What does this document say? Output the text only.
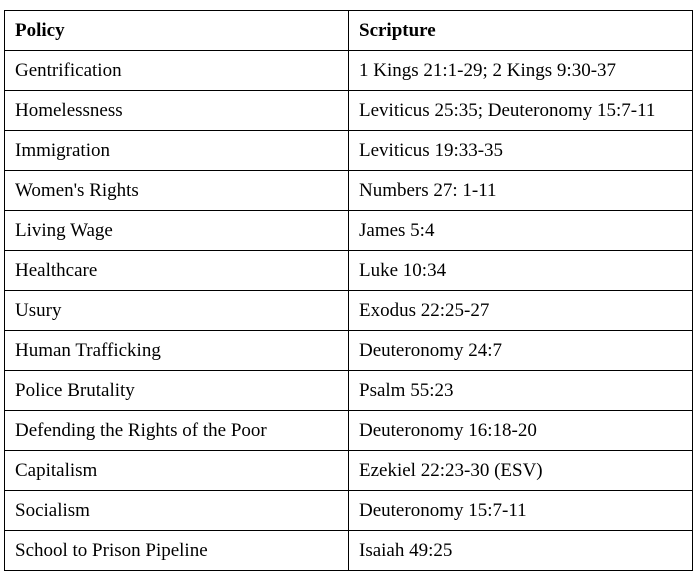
Policy	Scripture
Gentrification	1 Kings 21:1-29; 2 Kings 9:30-37
Homelessness	Leviticus 25:35; Deuteronomy 15:7-11
Immigration	Leviticus 19:33-35
Women's Rights	Numbers 27: 1-11
Living Wage	James 5:4
Healthcare	Luke 10:34
Usury	Exodus 22:25-27
Human Trafficking	Deuteronomy 24:7
Police Brutality	Psalm 55:23
Defending the Rights of the Poor	Deuteronomy 16:18-20
Capitalism	Ezekiel 22:23-30 (ESV)
Socialism	Deuteronomy 15:7-11
School to Prison Pipeline	Isaiah 49:25
